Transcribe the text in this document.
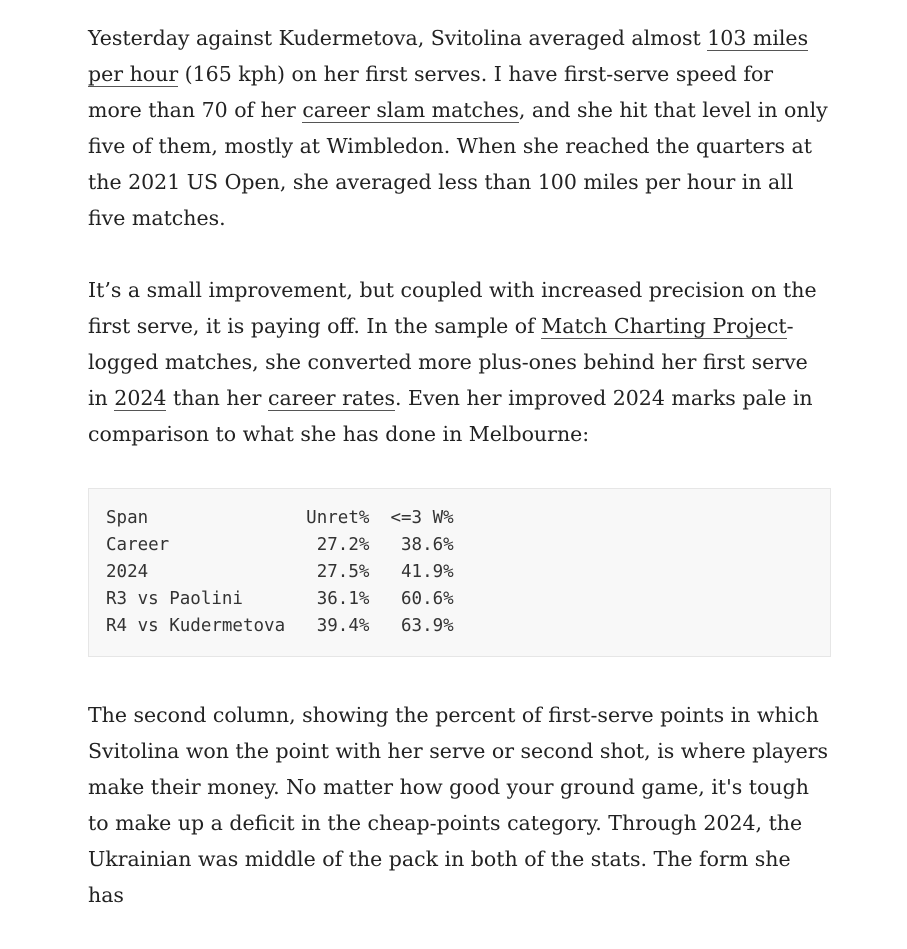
Yesterday against Kudermetova, Svitolina averaged almost 103 miles per hour (165 kph) on her first serves. I have first-serve speed for more than 70 of her career slam matches, and she hit that level in only five of them, mostly at Wimbledon. When she reached the quarters at the 2021 US Open, she averaged less than 100 miles per hour in all five matches.

It’s a small improvement, but coupled with increased precision on the first serve, it is paying off. In the sample of Match Charting Project-logged matches, she converted more plus-ones behind her first serve in 2024 than her career rates. Even her improved 2024 marks pale in comparison to what she has done in Melbourne:

Span               Unret%  <=3 W%
Career              27.2%   38.6%
2024                27.5%   41.9%
R3 vs Paolini       36.1%   60.6%
R4 vs Kudermetova   39.4%   63.9%

The second column, showing the percent of first-serve points in which Svitolina won the point with her serve or second shot, is where players make their money. No matter how good your ground game, it's tough to make up a deficit in the cheap-points category. Through 2024, the Ukrainian was middle of the pack in both of the stats. The form she has
